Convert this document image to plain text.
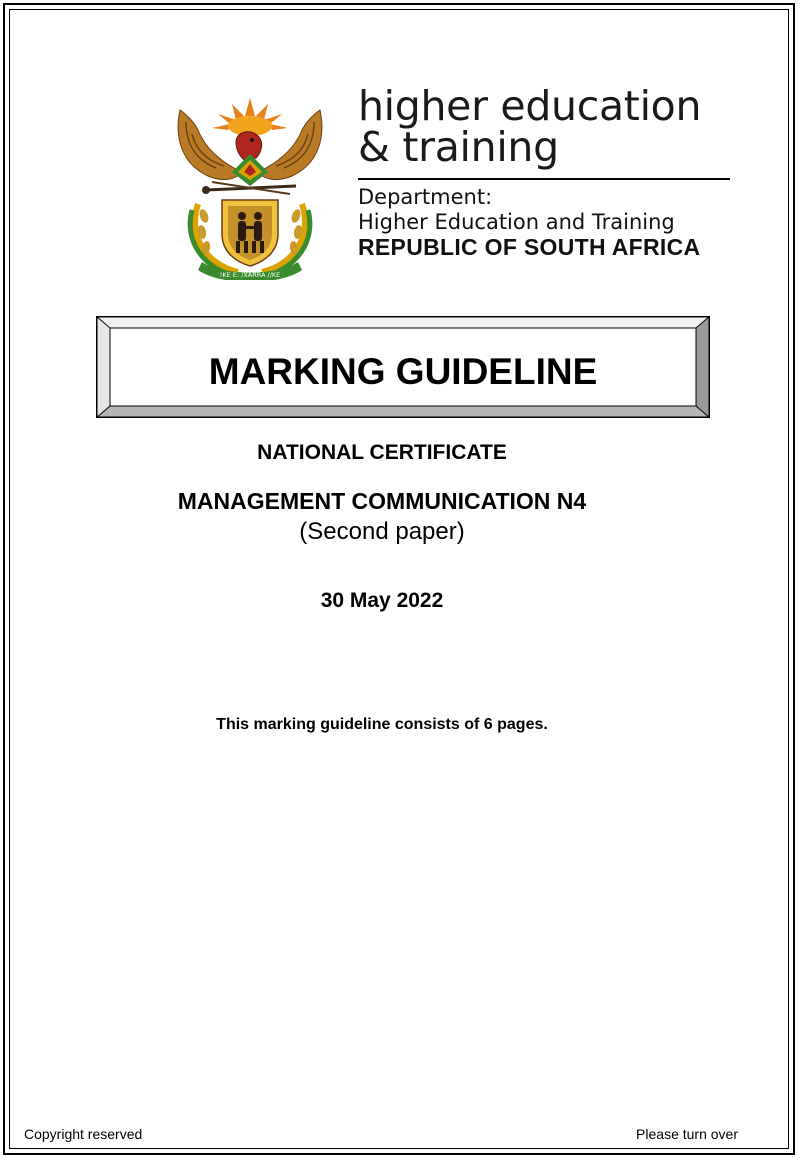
!KE E: /XARRA //KE
higher education
& training
Department:
Higher Education and Training
REPUBLIC OF SOUTH AFRICA
MARKING GUIDELINE
NATIONAL CERTIFICATE
MANAGEMENT COMMUNICATION N4
(Second paper)
30 May 2022
This marking guideline consists of 6 pages.
Copyright reserved	Please turn over
